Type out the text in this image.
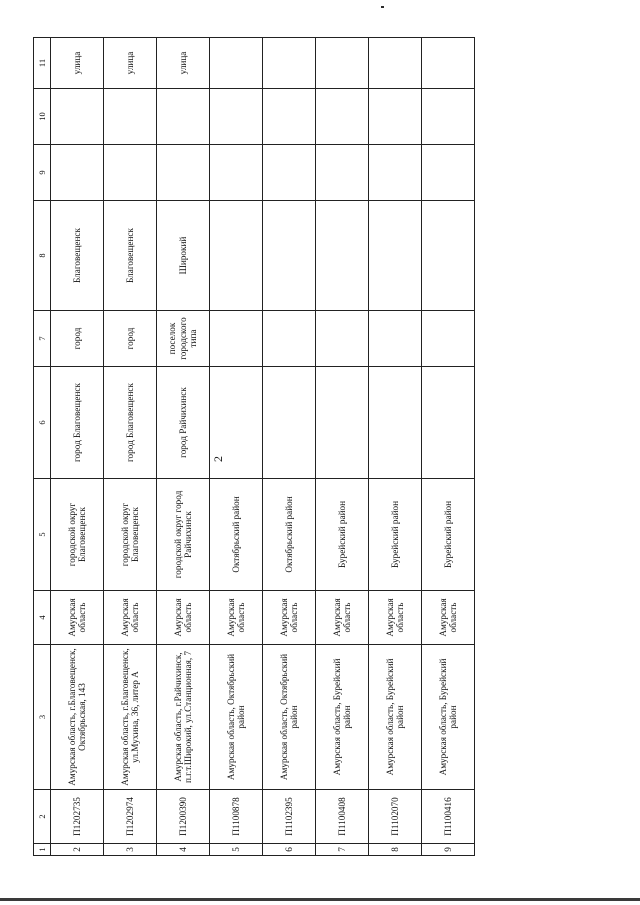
2
1	2	3	4	5	6	7	8	9	10	11
2	П1202735	Амурская область, г.Благовещенск, Октябрьская, 143	Амурская область	городской округ Благовещенск	город Благовещенск	город	Благовещенск			улица
3	П1202974	Амурская область, г.Благовещенск, ул.Мухина, 36, литер А	Амурская область	городской округ Благовещенск	город Благовещенск	город	Благовещенск			улица
4	П1200390	Амурская область, г.Райчихинск, п.г.т.Широкий, ул.Станционная, 7	Амурская область	городской округ город Райчихинск	город Райчихинск	поселок городского типа	Широкий			улица
5	П1100878	Амурская область, Октябрьский район	Амурская область	Октябрьский район						
6	П1102395	Амурская область, Октябрьский район	Амурская область	Октябрьский район						
7	П1100408	Амурская область, Бурейский район	Амурская область	Бурейский район						
8	П1102070	Амурская область, Бурейский район	Амурская область	Бурейский район						
9	П1100416	Амурская область, Бурейский район	Амурская область	Бурейский район						
